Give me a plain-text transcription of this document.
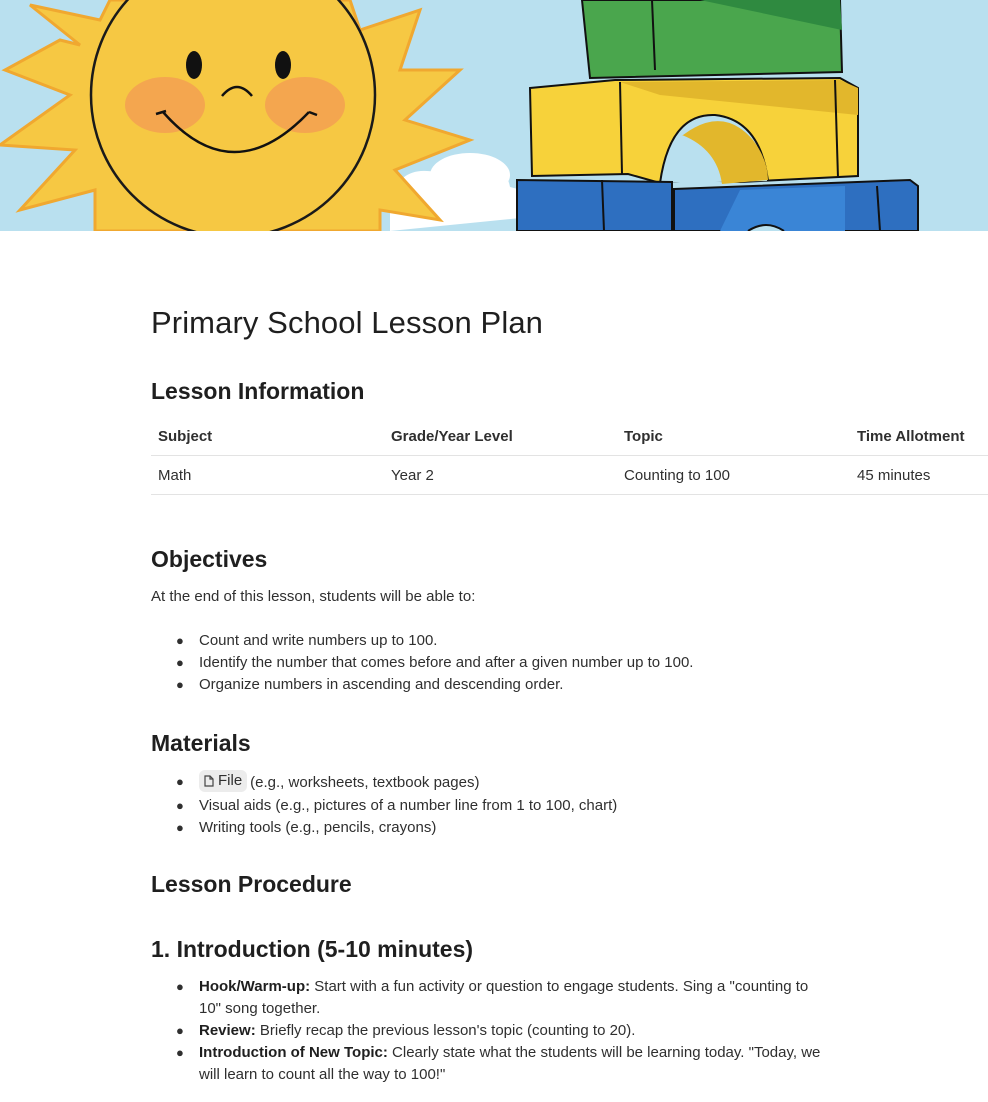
Primary School Lesson Plan
Lesson Information
Subject	Grade/Year Level	Topic	Time Allotment
Math	Year 2	Counting to 100	45 minutes
Objectives

At the end of this lesson, students will be able to:

● Count and write numbers up to 100.
● Identify the number that comes before and after a given number up to 100.
● Organize numbers in ascending and descending order.
Materials
● File (e.g., worksheets, textbook pages)
● Visual aids (e.g., pictures of a number line from 1 to 100, chart)
● Writing tools (e.g., pencils, crayons)
Lesson Procedure
1. Introduction (5-10 minutes)
● Hook/Warm-up: Start with a fun activity or question to engage students. Sing a "counting to 10" song together.
● Review: Briefly recap the previous lesson's topic (counting to 20).
● Introduction of New Topic: Clearly state what the students will be learning today. "Today, we will learn to count all the way to 100!"
